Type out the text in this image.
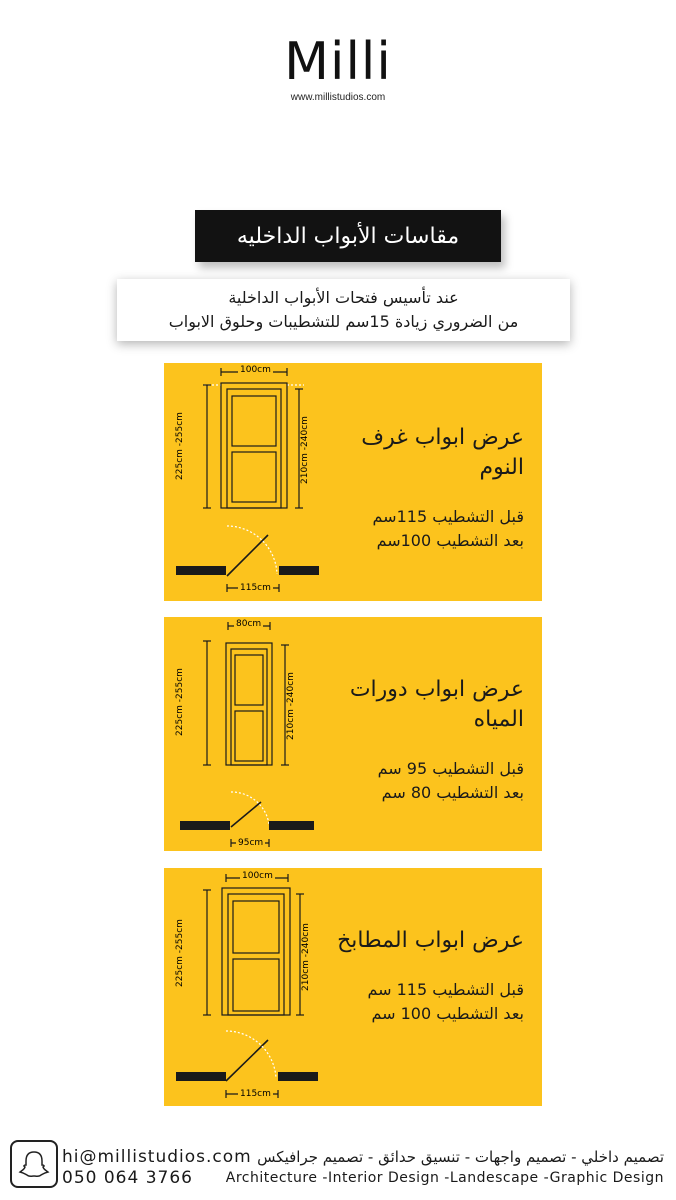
Milli
www.millistudios.com
مقاسات الأبواب الداخليه
عند تأسيس فتحات الأبواب الداخلية
من الضروري زيادة 15سم للتشطيبات وحلوق الابواب
100cm
225cm -255cm	210cm -240cm
115cm
عرض ابواب غرف النوم
قبل التشطيب 115سم
بعد التشطيب 100سم
80cm
225cm -255cm	210cm -240cm
95cm
عرض ابواب دورات المياه
قبل التشطيب 95 سم
بعد التشطيب 80 سم
100cm
225cm -255cm	210cm -240cm
115cm
عرض ابواب المطابخ
قبل التشطيب 115 سم
بعد التشطيب 100 سم
hi@millistudios.com
050 064 3766
تصميم داخلي - تصميم واجهات - تنسيق حدائق - تصميم جرافيكس
Architecture -Interior Design -Landescape -Graphic Design
